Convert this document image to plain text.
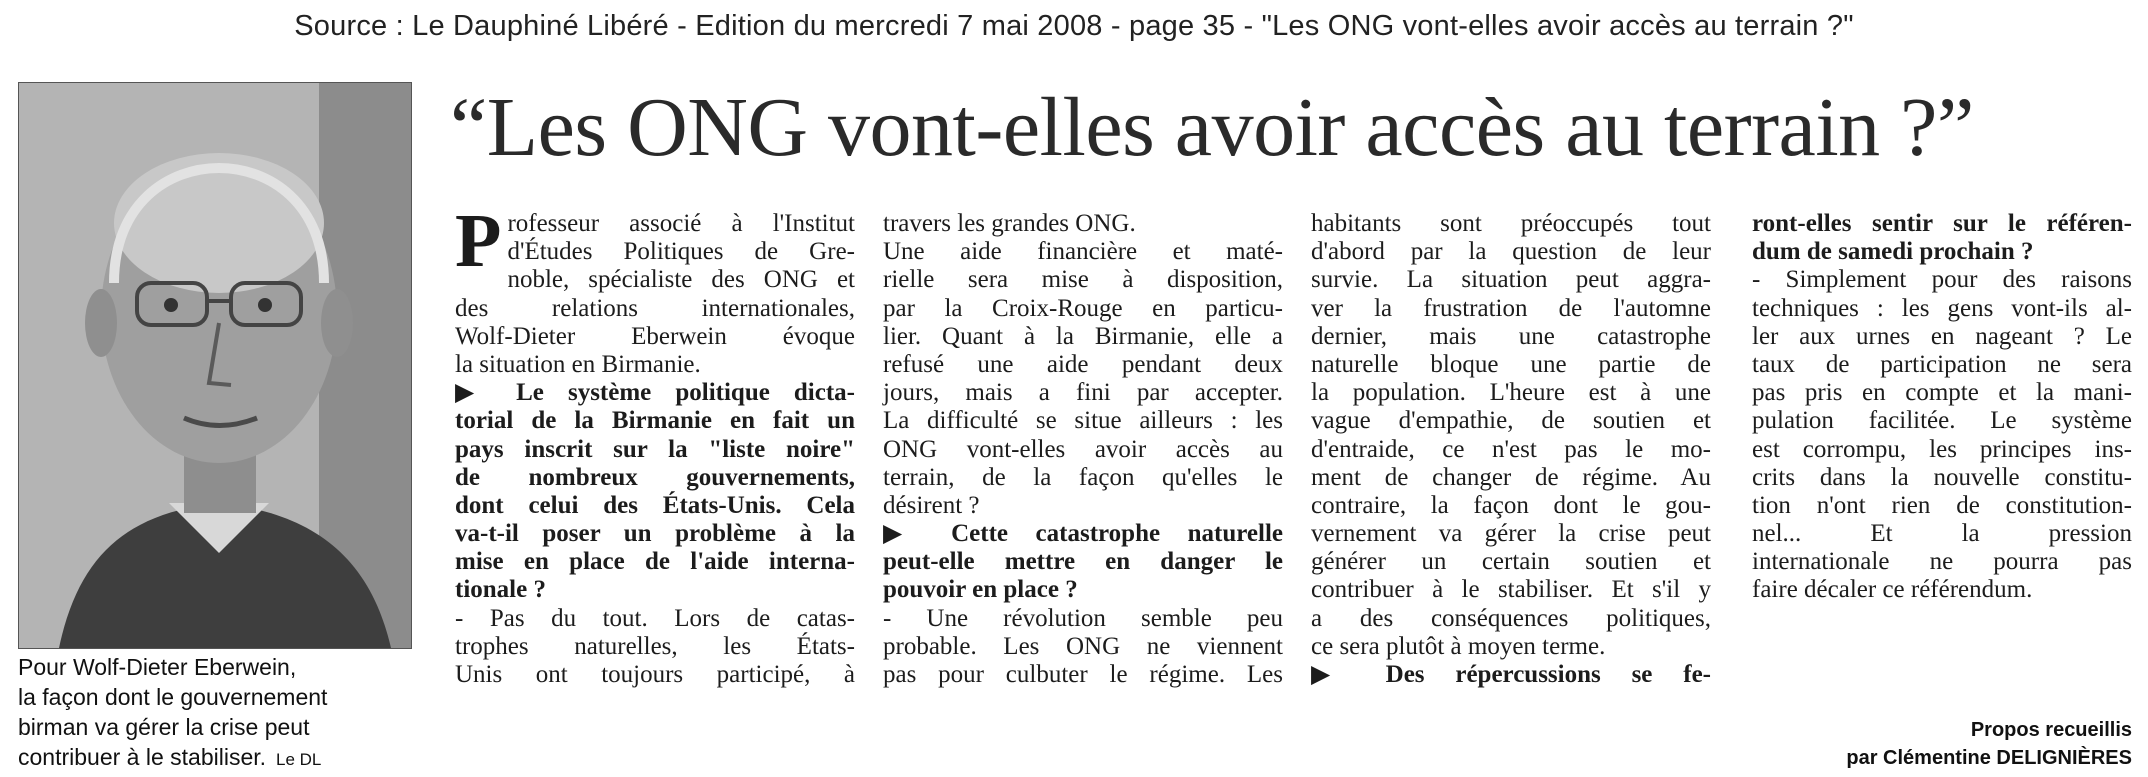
Source : Le Dauphiné Libéré - Edition du mercredi 7 mai 2008 - page 35 - "Les ONG vont-elles avoir accès au terrain ?"
Pour Wolf-Dieter Eberwein,
la façon dont le gouvernement
birman va gérer la crise peut
contribuer à le stabiliser. Le DL
“Les ONG vont-elles avoir accès au terrain ?”
P rofesseur associé à l'Institut
d'Études Politiques de Gre-
noble, spécialiste des ONG et
des relations internationales,
Wolf-Dieter Eberwein évoque
la situation en Birmanie.
▶ Le système politique dicta-
torial de la Birmanie en fait un
pays inscrit sur la "liste noire"
de nombreux gouvernements,
dont celui des États-Unis. Cela
va-t-il poser un problème à la
mise en place de l'aide interna-
tionale ?
- Pas du tout. Lors de catas-
trophes naturelles, les États-
Unis ont toujours participé, à
travers les grandes ONG.
Une aide financière et maté-
rielle sera mise à disposition,
par la Croix-Rouge en particu-
lier. Quant à la Birmanie, elle a
refusé une aide pendant deux
jours, mais a fini par accepter.
La difficulté se situe ailleurs : les
ONG vont-elles avoir accès au
terrain, de la façon qu'elles le
désirent ?
▶ Cette catastrophe naturelle
peut-elle mettre en danger le
pouvoir en place ?
- Une révolution semble peu
probable. Les ONG ne viennent
pas pour culbuter le régime. Les
habitants sont préoccupés tout
d'abord par la question de leur
survie. La situation peut aggra-
ver la frustration de l'automne
dernier, mais une catastrophe
naturelle bloque une partie de
la population. L'heure est à une
vague d'empathie, de soutien et
d'entraide, ce n'est pas le mo-
ment de changer de régime. Au
contraire, la façon dont le gou-
vernement va gérer la crise peut
générer un certain soutien et
contribuer à le stabiliser. Et s'il y
a des conséquences politiques,
ce sera plutôt à moyen terme.
▶ Des répercussions se fe-
ront-elles sentir sur le référen-
dum de samedi prochain ?
- Simplement pour des raisons
techniques : les gens vont-ils al-
ler aux urnes en nageant ? Le
taux de participation ne sera
pas pris en compte et la mani-
pulation facilitée. Le système
est corrompu, les principes ins-
crits dans la nouvelle constitu-
tion n'ont rien de constitution-
nel... Et la pression
internationale ne pourra pas
faire décaler ce référendum.
Propos recueillis
par Clémentine DELIGNIÈRES
